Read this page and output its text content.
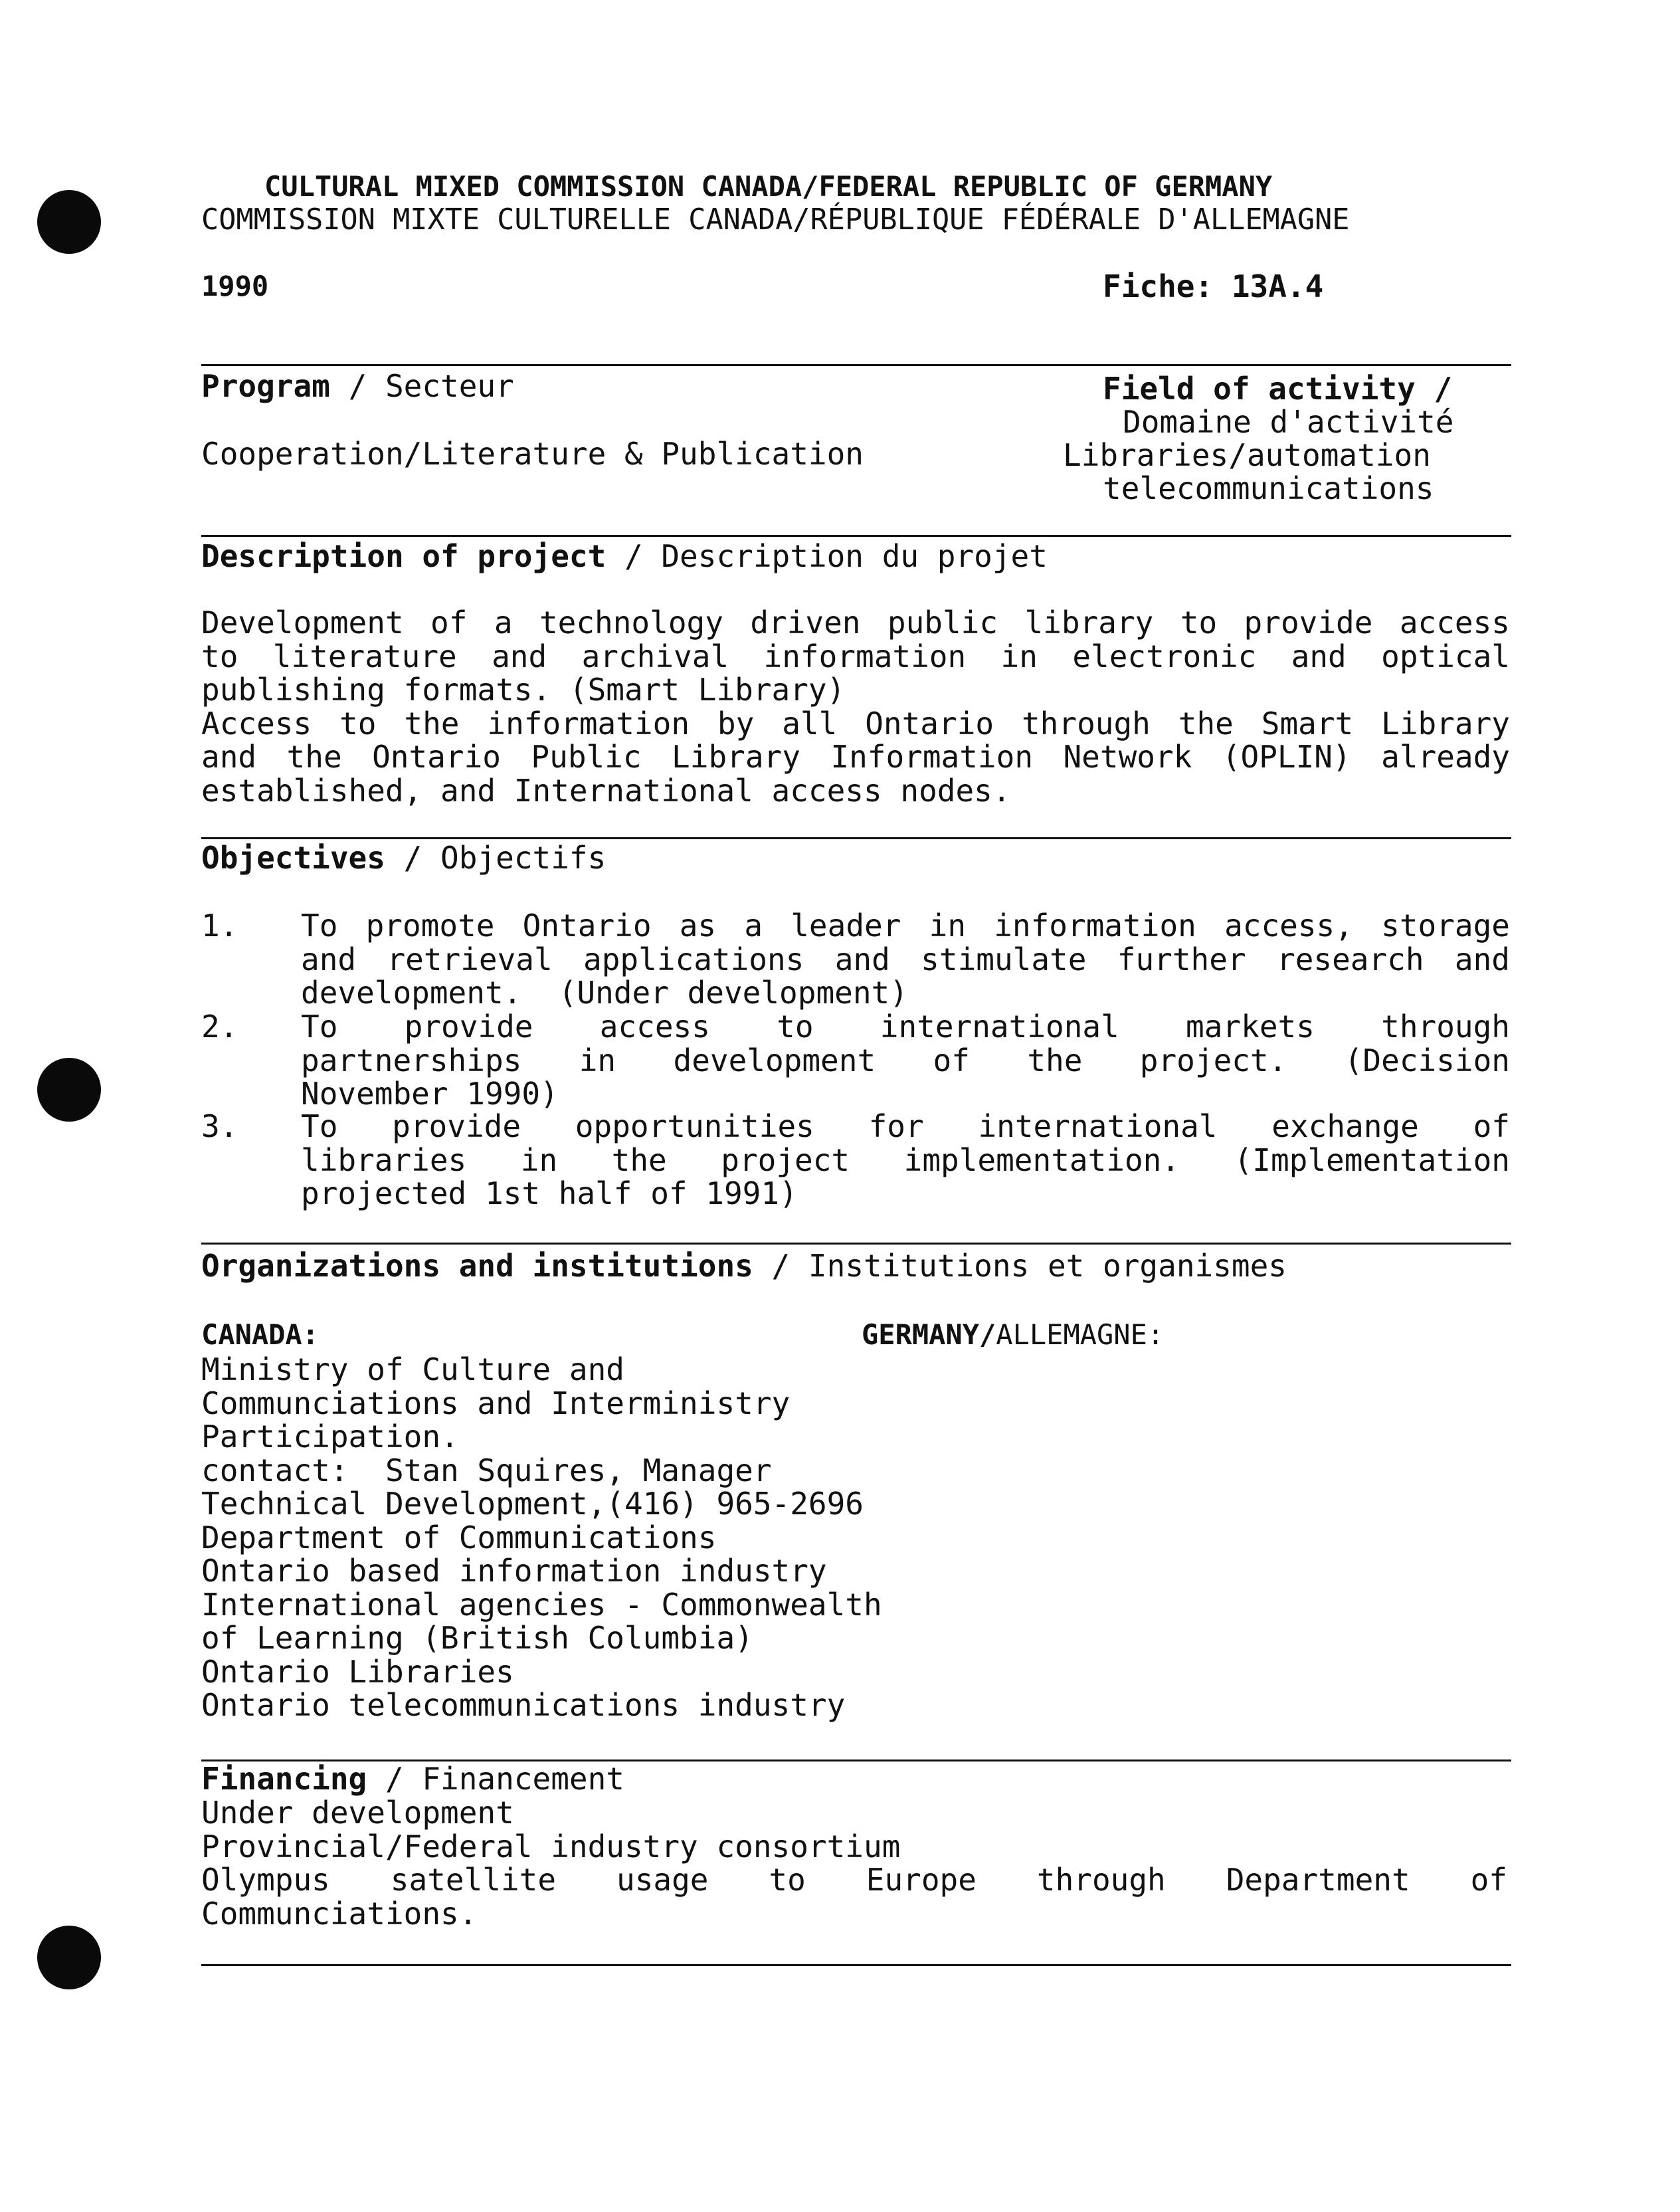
CULTURAL MIXED COMMISSION CANADA/FEDERAL REPUBLIC OF GERMANY
COMMISSION MIXTE CULTURELLE CANADA/RÉPUBLIQUE FÉDÉRALE D'ALLEMAGNE
1990	Fiche: 13A.4
Program / Secteur	Field of activity /
Domaine d'activité
Cooperation/Literature & Publication	Libraries/automation
telecommunications
Description of project / Description du projet
Development of a technology driven public library to provide access
to literature and archival information in electronic and optical
publishing formats. (Smart Library)
Access to the information by all Ontario through the Smart Library
and the Ontario Public Library Information Network (OPLIN) already
established, and International access nodes.
Objectives / Objectifs
1. To promote Ontario as a leader in information access, storage
and retrieval applications and stimulate further research and
development.  (Under development)
2. To provide access to international markets through
partnerships in development of the project. (Decision
November 1990)
3. To provide opportunities for international exchange of
libraries in the project implementation. (Implementation
projected 1st half of 1991)
Organizations and institutions / Institutions et organismes
CANADA:	GERMANY/ALLEMAGNE:
Ministry of Culture and
Communciations and Interministry
Participation.
contact:  Stan Squires, Manager
Technical Development,(416) 965-2696
Department of Communications
Ontario based information industry
International agencies - Commonwealth
of Learning (British Columbia)
Ontario Libraries
Ontario telecommunications industry
Financing / Financement
Under development
Provincial/Federal industry consortium
Olympus satellite usage to Europe through Department of
Communciations.
